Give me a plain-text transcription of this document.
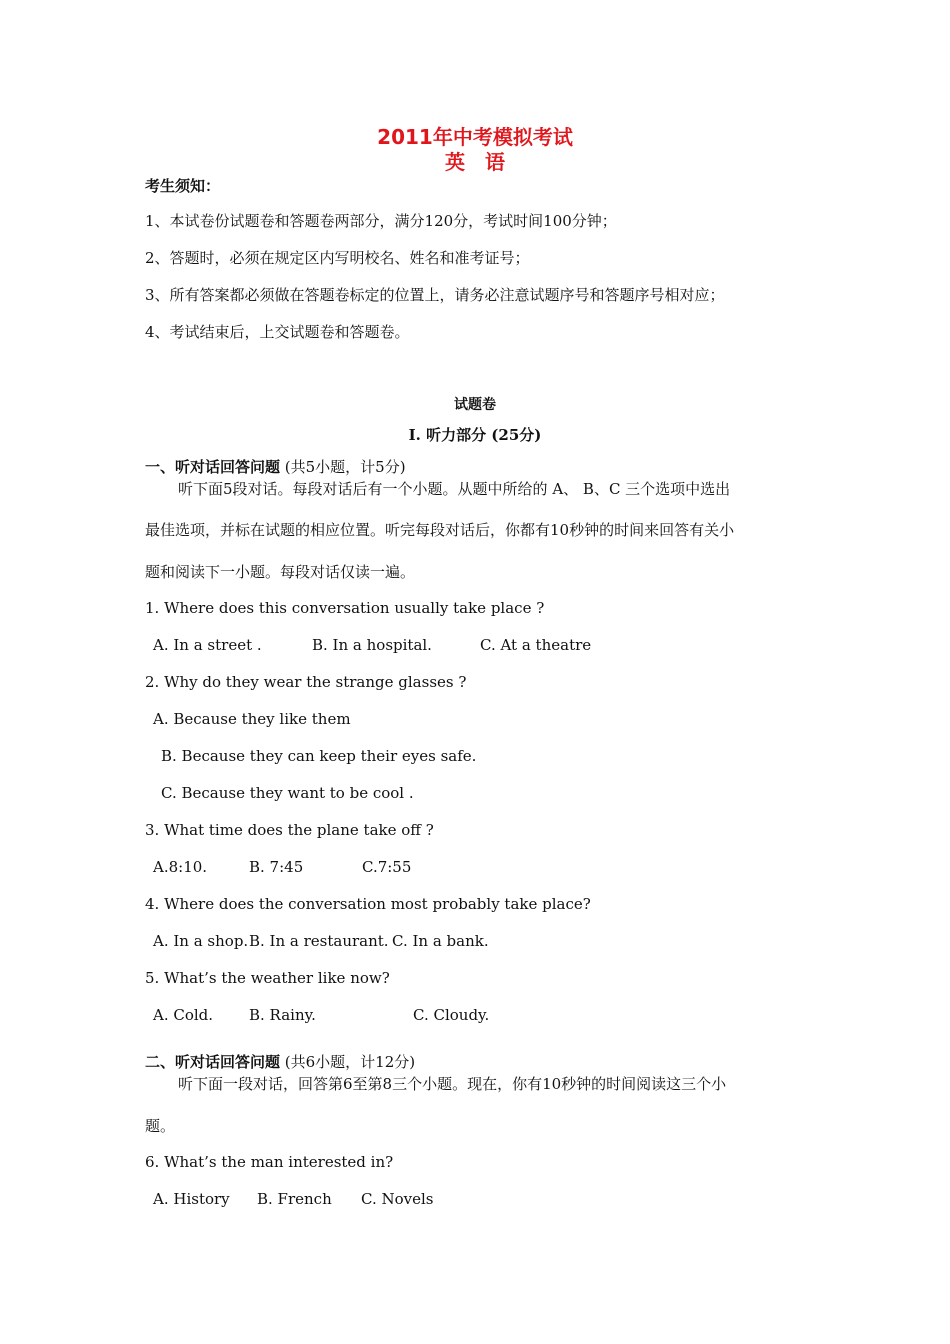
2011年中考模拟考试
英　语
考生须知：
1、本试卷份试题卷和答题卷两部分，满分120分，考试时间100分钟；
2、答题时，必须在规定区内写明校名、姓名和准考证号；
3、所有答案都必须做在答题卷标定的位置上，请务必注意试题序号和答题序号相对应；
4、考试结束后，上交试题卷和答题卷。
试题卷
I. 听力部分 (25分)
一、听对话回答问题 (共5小题，计5分)
听下面5段对话。每段对话后有一个小题。从题中所给的 A、 B、C 三个选项中选出
最佳选项，并标在试题的相应位置。听完每段对话后，你都有10秒钟的时间来回答有关小
题和阅读下一小题。每段对话仅读一遍。
1. Where does this conversation usually take place ?
A. In a street .	B. In a hospital.	C. At a theatre
2. Why do they wear the strange glasses ?
A. Because they like them
B. Because they can keep their eyes safe.
C. Because they want to be cool .
3. What time does the plane take off ?
A.8:10.	B. 7:45	C.7:55
4. Where does the conversation most probably take place?
A. In a shop. B. In a restaurant. C. In a bank.
5. What’s the weather like now?
A. Cold. B. Rainy.	C. Cloudy.
二、听对话回答问题 (共6小题，计12分)
听下面一段对话，回答第6至第8三个小题。现在，你有10秒钟的时间阅读这三个小
题。
6. What’s the man interested in?
A. History B. French C. Novels
